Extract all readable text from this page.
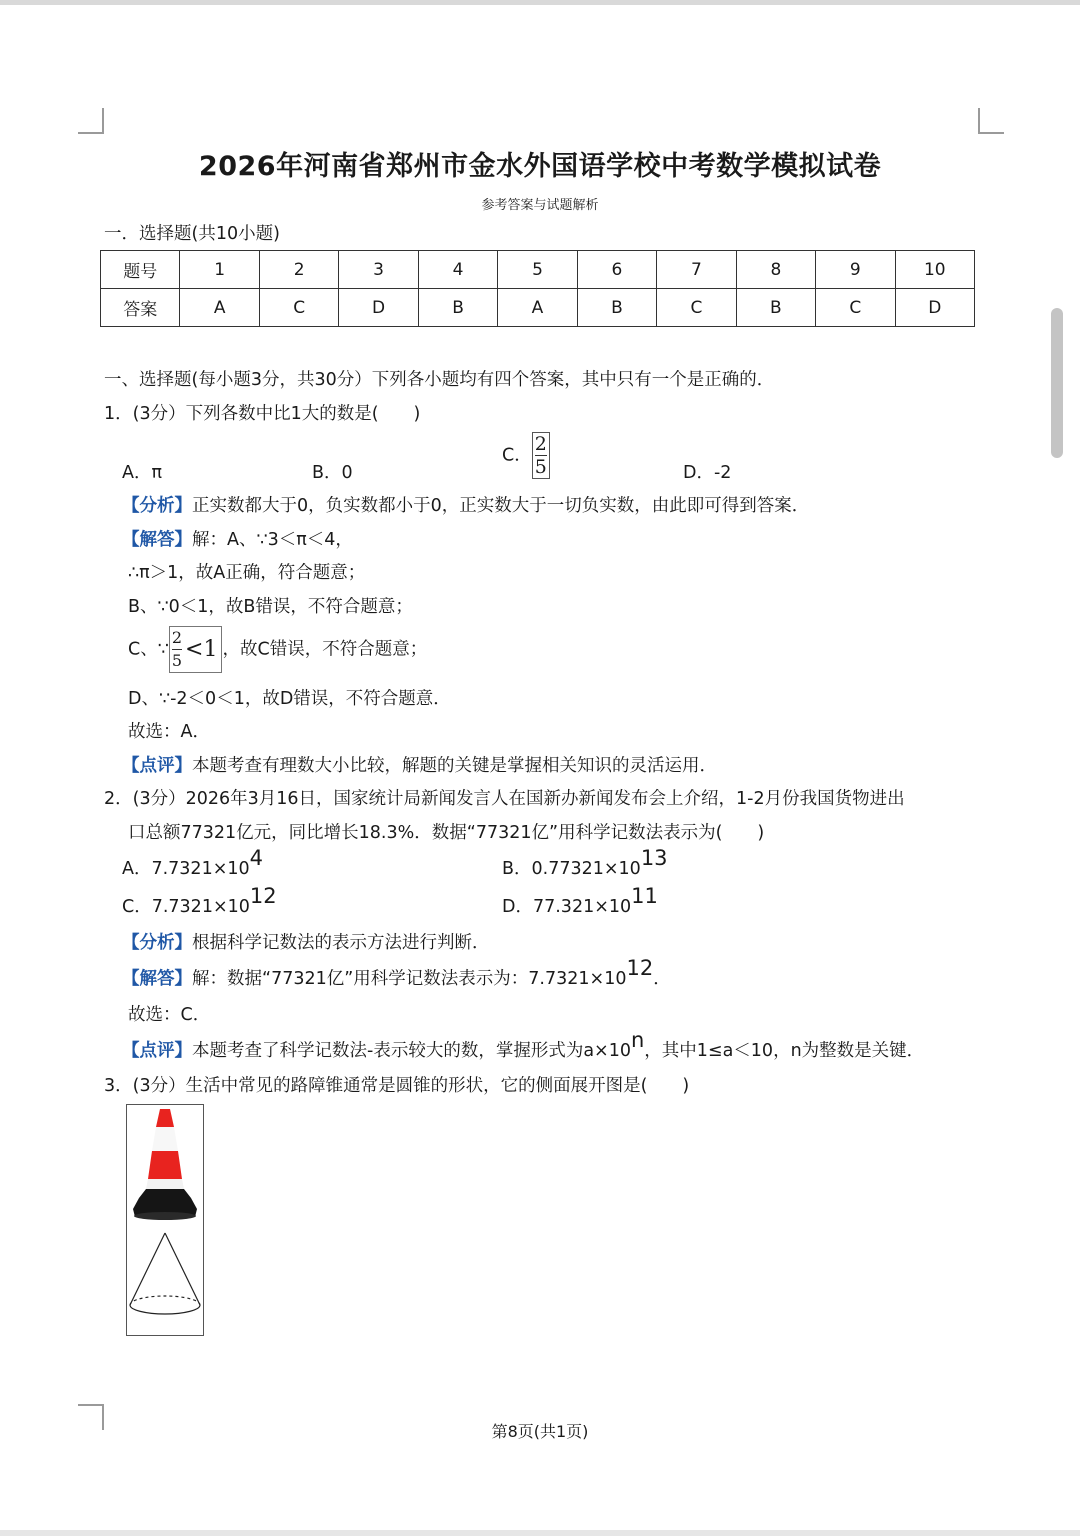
2026年河南省郑州市金水外国语学校中考数学模拟试卷
参考答案与试题解析
一．选择题(共10小题)
题号	1	2	3	4	5	6	7	8	9	10
答案	A	C	D	B	A	B	C	B	C	D
一、选择题(每小题3分，共30分）下列各小题均有四个答案，其中只有一个是正确的．
1．(3分）下列各数中比1大的数是(　　)
A．π	B．0
C． $\frac{2}{5}$	D．-2
【分析】正实数都大于0，负实数都小于0，正实数大于一切负实数，由此即可得到答案．
【解答】解：A、∵3＜π＜4，
∴π＞1，故A正确，符合题意；
B、∵0＜1，故B错误，不符合题意；
C、∵ $\frac{2}{5} <1$ ，故C错误，不符合题意；
D、∵-2＜0＜1，故D错误，不符合题意．
故选：A．
【点评】本题考查有理数大小比较，解题的关键是掌握相关知识的灵活运用．
2．(3分）2026年3月16日，国家统计局新闻发言人在国新办新闻发布会上介绍，1-2月份我国货物进出
口总额77321亿元，同比增长18.3%．数据“77321亿”用科学记数法表示为(　　)
A．$7.7321\times 10^4$	B．$0.77321\times 10^{13}$
C．$7.7321\times 10^{12}$	D．$77.321\times 10^{11}$
【分析】根据科学记数法的表示方法进行判断．
【解答】解：数据“77321亿”用科学记数法表示为：$7.7321\times 10^{12}$．
故选：C．
【点评】本题考查了科学记数法-表示较大的数，掌握形式为$a\times 10^n$，其中1≤a＜10，n为整数是关键．
3．(3分）生活中常见的路障锥通常是圆锥的形状，它的侧面展开图是(　　)
第8页(共1页)
